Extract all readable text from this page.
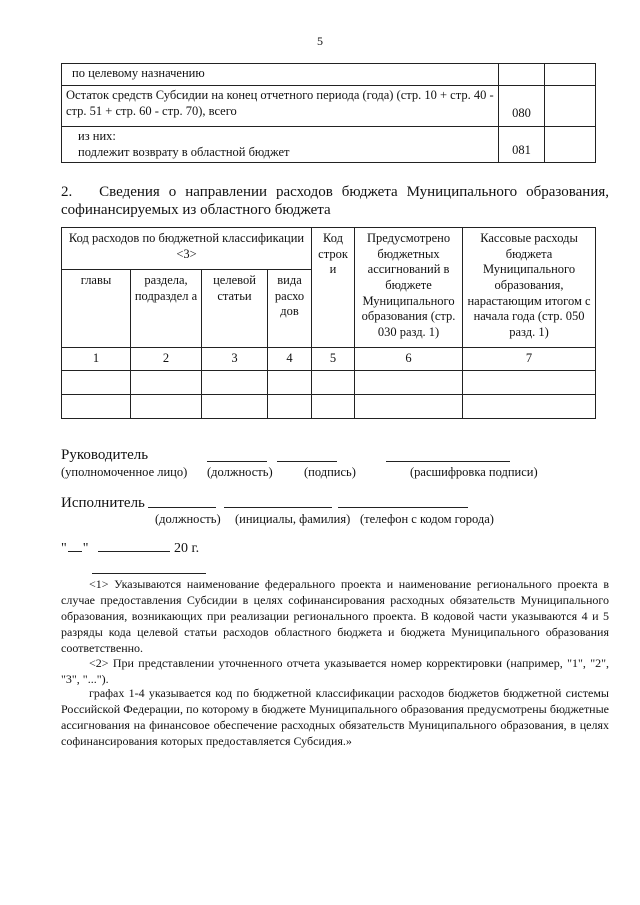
5
по целевому назначению		
Остаток средств Субсидии на конец отчетного периода (года) (стр. 10 + стр. 40 - стр. 51 + стр. 60 - стр. 70), всего	080	

из них:
подлежит возврату в областной бюджет	081	
2. Сведения о направлении расходов бюджета Муниципального образования, софинансируемых из областного бюджета
Код расходов по бюджетной классификации <3>				Код строк и	Предусмотрено бюджетных ассигнований в бюджете Муниципального образования (стр. 030 разд. 1)	Кассовые расходы бюджета Муниципального образования, нарастающим итогом с начала года (стр. 050 разд. 1)
главы	раздела, подраздел а	целевой статьи	вида расхо дов			
1	2	3	4	5	6	7

Руководитель
(уполномоченное лицо) (должность)	(подпись)	(расшифровка подписи)
Исполнитель
(должность) (инициалы, фамилия) (телефон с кодом города)
" "	20 г.
<1> Указываются наименование федерального проекта и наименование регионального проекта в случае предоставления Субсидии в целях софинансирования расходных обязательств Муниципального образования, возникающих при реализации регионального проекта. В кодовой части указываются 4 и 5 разряды кода целевой статьи расходов областного бюджета и бюджета Муниципального образования соответственно.
<2> При представлении уточненного отчета указывается номер корректировки (например, "1", "2", "3", "...").
графах 1-4 указывается код по бюджетной классификации расходов бюджетов бюджетной системы Российской Федерации, по которому в бюджете Муниципального образования предусмотрены бюджетные ассигнования на финансовое обеспечение расходных обязательств Муниципального образования, в целях софинансирования которых предоставляется Субсидия.»
